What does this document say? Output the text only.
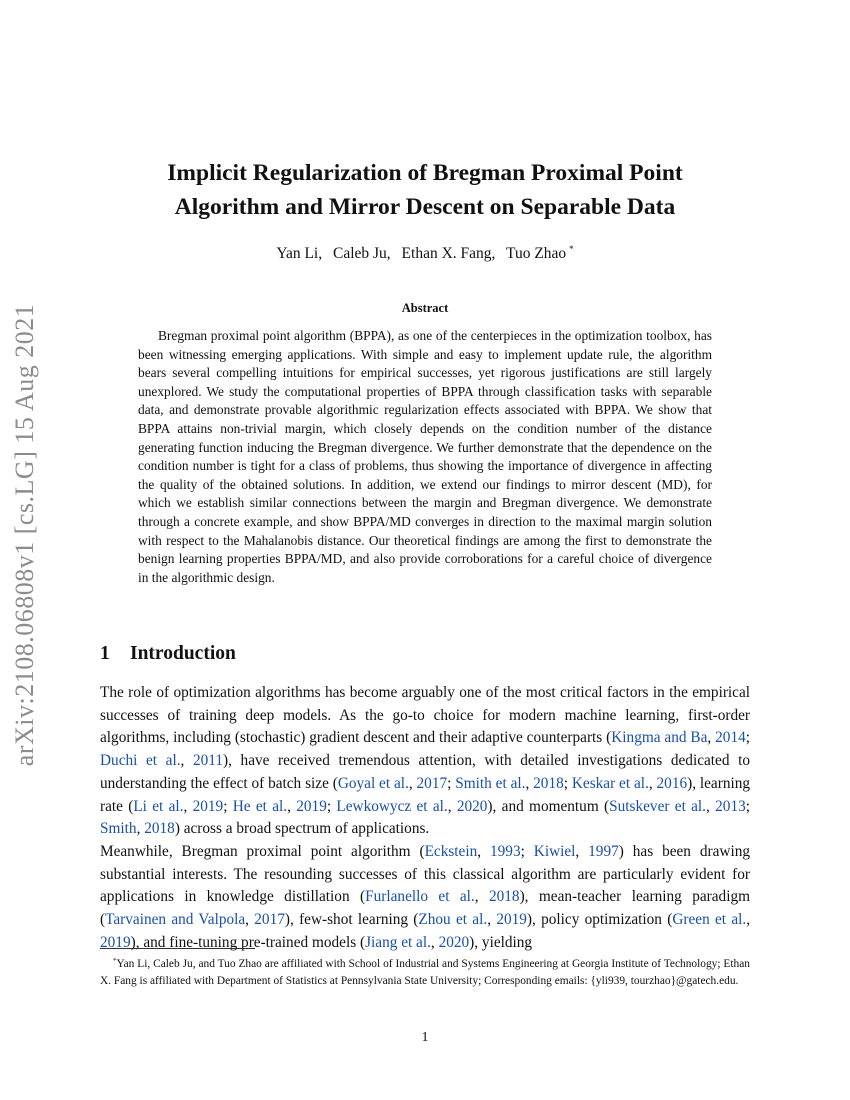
arXiv:2108.06808v1 [cs.LG] 15 Aug 2021
Implicit Regularization of Bregman Proximal Point
Algorithm and Mirror Descent on Separable Data
Yan Li, Caleb Ju, Ethan X. Fang, Tuo Zhao *
Abstract

Bregman proximal point algorithm (BPPA), as one of the centerpieces in the optimization toolbox, has been witnessing emerging applications. With simple and easy to implement update rule, the algorithm bears several compelling intuitions for empirical successes, yet rigorous justifications are still largely unexplored. We study the computational properties of BPPA through classification tasks with separable data, and demonstrate provable algorithmic regularization effects associated with BPPA. We show that BPPA attains non-trivial margin, which closely depends on the condition number of the distance generating function inducing the Bregman divergence. We further demonstrate that the dependence on the condition number is tight for a class of problems, thus showing the importance of divergence in affecting the quality of the obtained solutions. In addition, we extend our findings to mirror descent (MD), for which we establish similar connections between the margin and Bregman divergence. We demonstrate through a concrete example, and show BPPA/MD converges in direction to the maximal margin solution with respect to the Mahalanobis distance. Our theoretical findings are among the first to demonstrate the benign learning properties BPPA/MD, and also provide corroborations for a careful choice of divergence in the algorithmic design.

1 Introduction

The role of optimization algorithms has become arguably one of the most critical factors in the empirical successes of training deep models. As the go-to choice for modern machine learning, first-order algorithms, including (stochastic) gradient descent and their adaptive counterparts (Kingma and Ba, 2014; Duchi et al., 2011), have received tremendous attention, with detailed investigations dedicated to understanding the effect of batch size (Goyal et al., 2017; Smith et al., 2018; Keskar et al., 2016), learning rate (Li et al., 2019; He et al., 2019; Lewkowycz et al., 2020), and momentum (Sutskever et al., 2013; Smith, 2018) across a broad spectrum of applications.
Meanwhile, Bregman proximal point algorithm (Eckstein, 1993; Kiwiel, 1997) has been drawing substantial interests. The resounding successes of this classical algorithm are particularly evident for applications in knowledge distillation (Furlanello et al., 2018), mean-teacher learning paradigm (Tarvainen and Valpola, 2017), few-shot learning (Zhou et al., 2019), policy optimization (Green et al., 2019), and fine-tuning pre-trained models (Jiang et al., 2020), yielding

*Yan Li, Caleb Ju, and Tuo Zhao are affiliated with School of Industrial and Systems Engineering at Georgia Institute of Technology; Ethan X. Fang is affiliated with Department of Statistics at Pennsylvania State University; Corresponding emails: {yli939, tourzhao}@gatech.edu.

1
